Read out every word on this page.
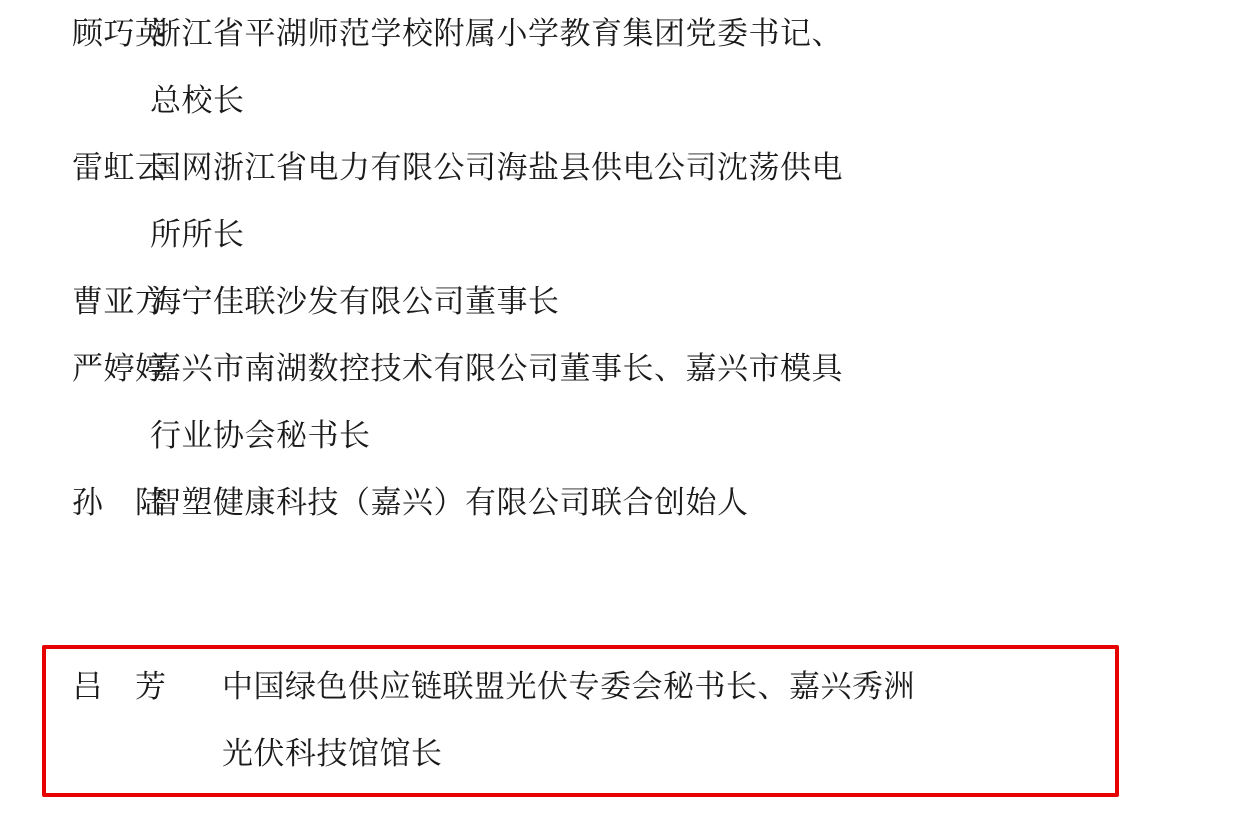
顾巧英
浙江省平湖师范学校附属小学教育集团党委书记、
总校长
雷虹云
国网浙江省电力有限公司海盐县供电公司沈荡供电
所所长
曹亚方
海宁佳联沙发有限公司董事长
严婷婷
嘉兴市南湖数控技术有限公司董事长、嘉兴市模具
行业协会秘书长
孙　陆
智塑健康科技（嘉兴）有限公司联合创始人
吕　芳	中国绿色供应链联盟光伏专委会秘书长、嘉兴秀洲
光伏科技馆馆长
